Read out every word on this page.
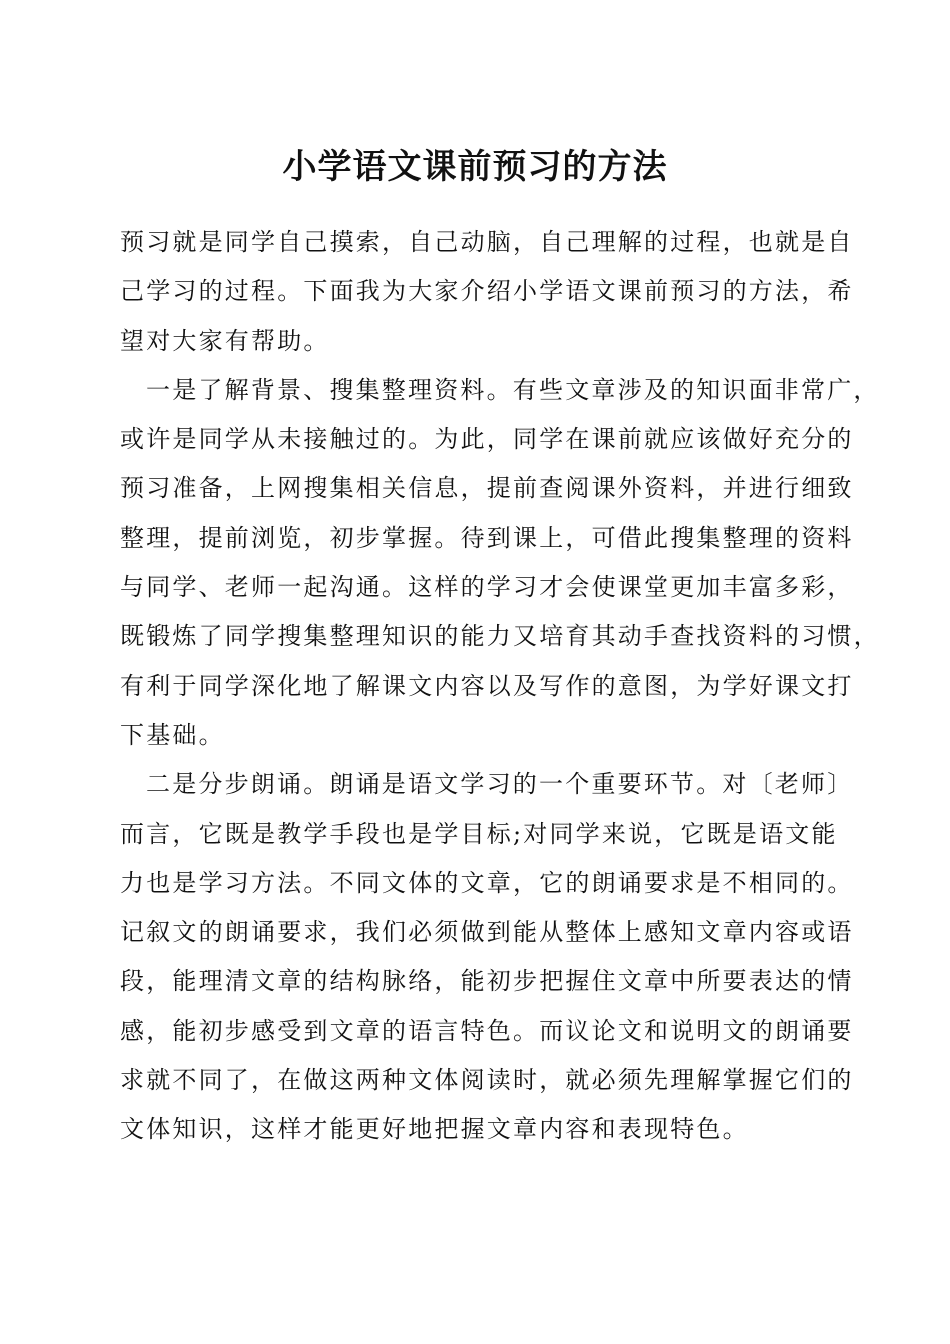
小学语文课前预习的方法
预习就是同学自己摸索，自己动脑，自己理解的过程，也就是自
己学习的过程。下面我为大家介绍小学语文课前预习的方法，希
望对大家有帮助。
一是了解背景、搜集整理资料。有些文章涉及的知识面非常广，
或许是同学从未接触过的。为此，同学在课前就应该做好充分的
预习准备，上网搜集相关信息，提前查阅课外资料，并进行细致
整理，提前浏览，初步掌握。待到课上，可借此搜集整理的资料
与同学、老师一起沟通。这样的学习才会使课堂更加丰富多彩，
既锻炼了同学搜集整理知识的能力又培育其动手查找资料的习惯，
有利于同学深化地了解课文内容以及写作的意图，为学好课文打
下基础。
二是分步朗诵。朗诵是语文学习的一个重要环节。对〔老师〕
而言，它既是教学手段也是学目标;对同学来说，它既是语文能
力也是学习方法。不同文体的文章，它的朗诵要求是不相同的。
记叙文的朗诵要求，我们必须做到能从整体上感知文章内容或语
段，能理清文章的结构脉络，能初步把握住文章中所要表达的情
感，能初步感受到文章的语言特色。而议论文和说明文的朗诵要
求就不同了，在做这两种文体阅读时，就必须先理解掌握它们的
文体知识，这样才能更好地把握文章内容和表现特色。
